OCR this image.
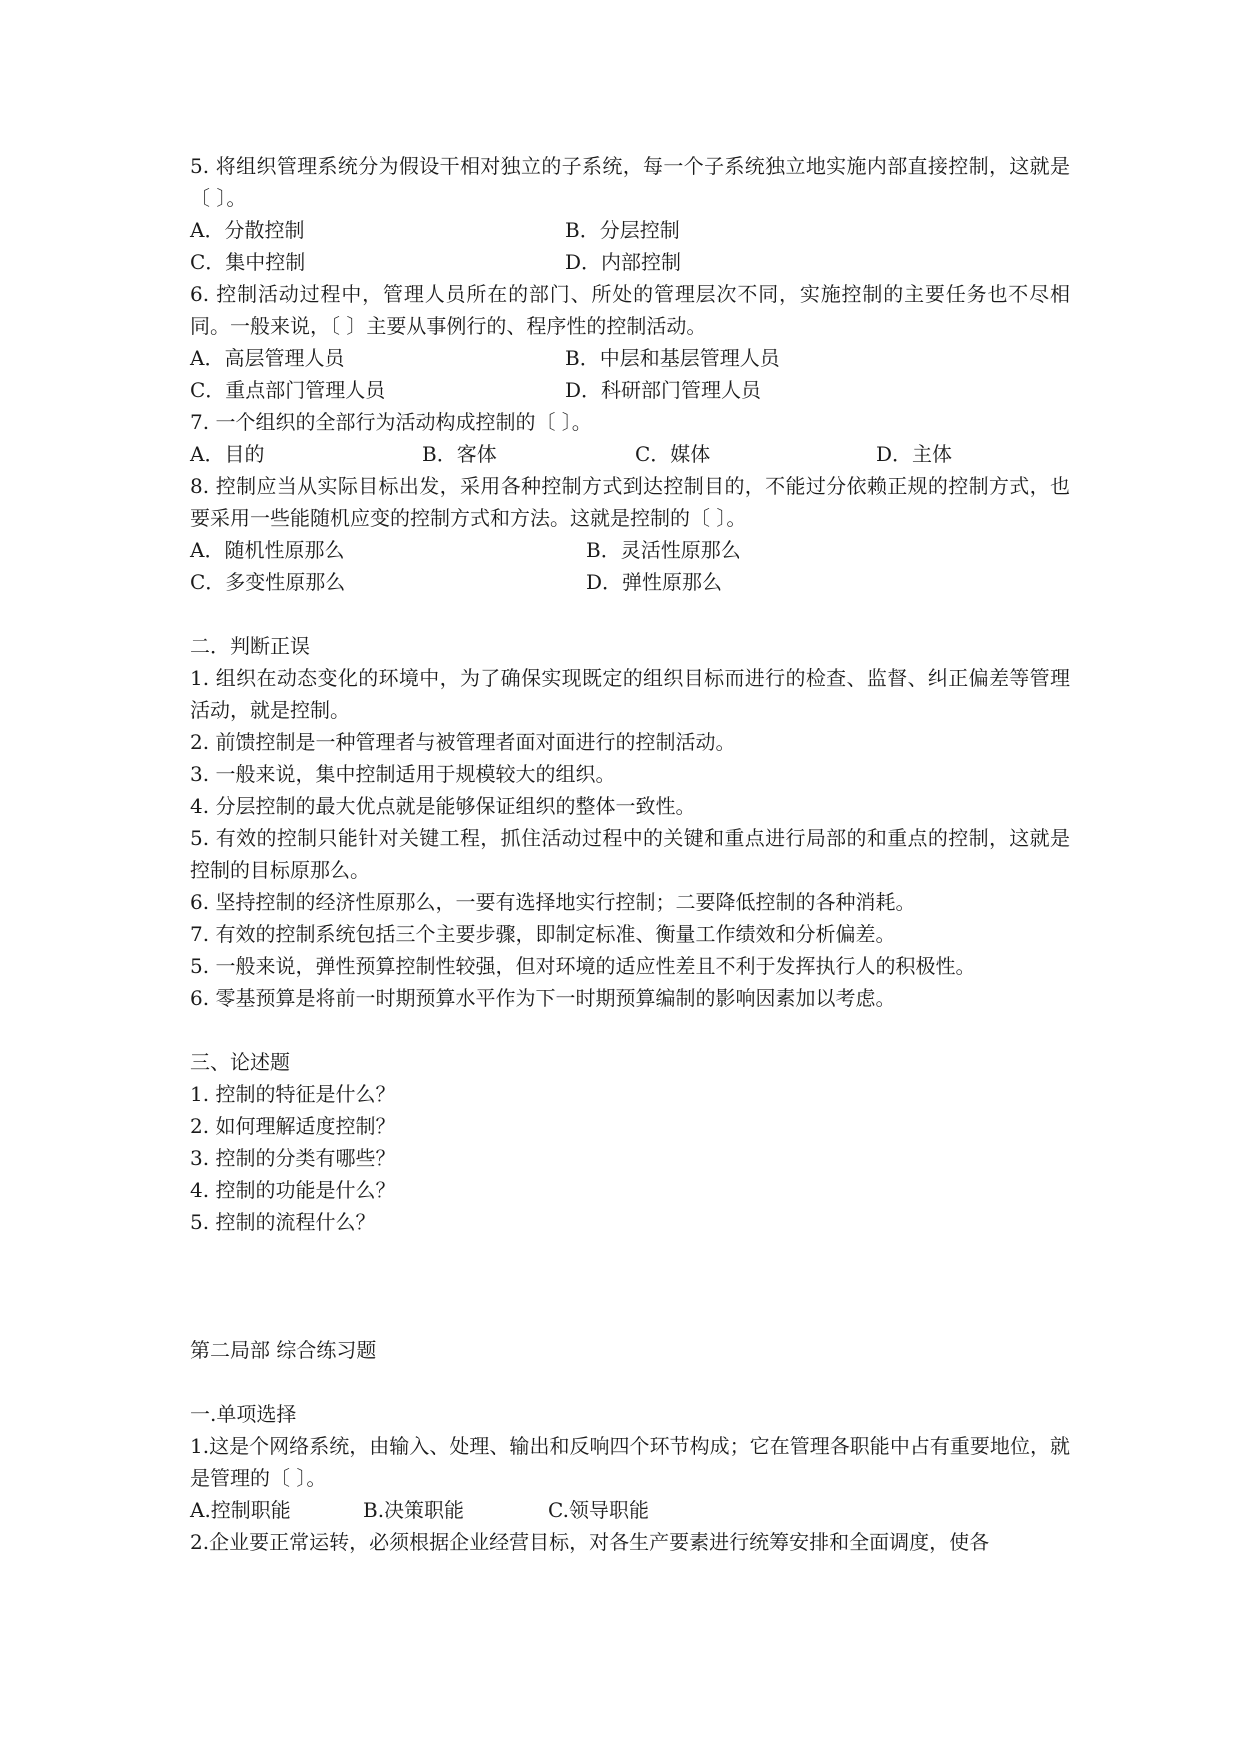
5. 将组织管理系统分为假设干相对独立的子系统，每一个子系统独立地实施内部直接控制，这就是〔 〕。
A．分散控制	B．分层控制
C．集中控制	D．内部控制
6. 控制活动过程中，管理人员所在的部门、所处的管理层次不同，实施控制的主要任务也不尽相同。一般来说，〔 〕主要从事例行的、程序性的控制活动。
A．高层管理人员	B．中层和基层管理人员
C．重点部门管理人员	D．科研部门管理人员
7. 一个组织的全部行为活动构成控制的〔 〕。
A．目的	B．客体	C．媒体	D．主体
8. 控制应当从实际目标出发，采用各种控制方式到达控制目的，不能过分依赖正规的控制方式，也要采用一些能随机应变的控制方式和方法。这就是控制的〔 〕。
A．随机性原那么	B．灵活性原那么
C．多变性原那么	D．弹性原那么
二．判断正误
1. 组织在动态变化的环境中，为了确保实现既定的组织目标而进行的检查、监督、纠正偏差等管理活动，就是控制。
2. 前馈控制是一种管理者与被管理者面对面进行的控制活动。
3. 一般来说，集中控制适用于规模较大的组织。
4. 分层控制的最大优点就是能够保证组织的整体一致性。
5. 有效的控制只能针对关键工程，抓住活动过程中的关键和重点进行局部的和重点的控制，这就是控制的目标原那么。
6. 坚持控制的经济性原那么，一要有选择地实行控制；二要降低控制的各种消耗。
7. 有效的控制系统包括三个主要步骤，即制定标准、衡量工作绩效和分析偏差。
5. 一般来说，弹性预算控制性较强，但对环境的适应性差且不利于发挥执行人的积极性。
6. 零基预算是将前一时期预算水平作为下一时期预算编制的影响因素加以考虑。
三、论述题
1. 控制的特征是什么？
2. 如何理解适度控制？
3. 控制的分类有哪些？
4. 控制的功能是什么？
5. 控制的流程什么？
第二局部 综合练习题
一.单项选择
1.这是个网络系统，由输入、处理、输出和反响四个环节构成；它在管理各职能中占有重要地位，就是管理的〔 〕。
A.控制职能	B.决策职能	C.领导职能
2.企业要正常运转，必须根据企业经营目标，对各生产要素进行统筹安排和全面调度，使各
